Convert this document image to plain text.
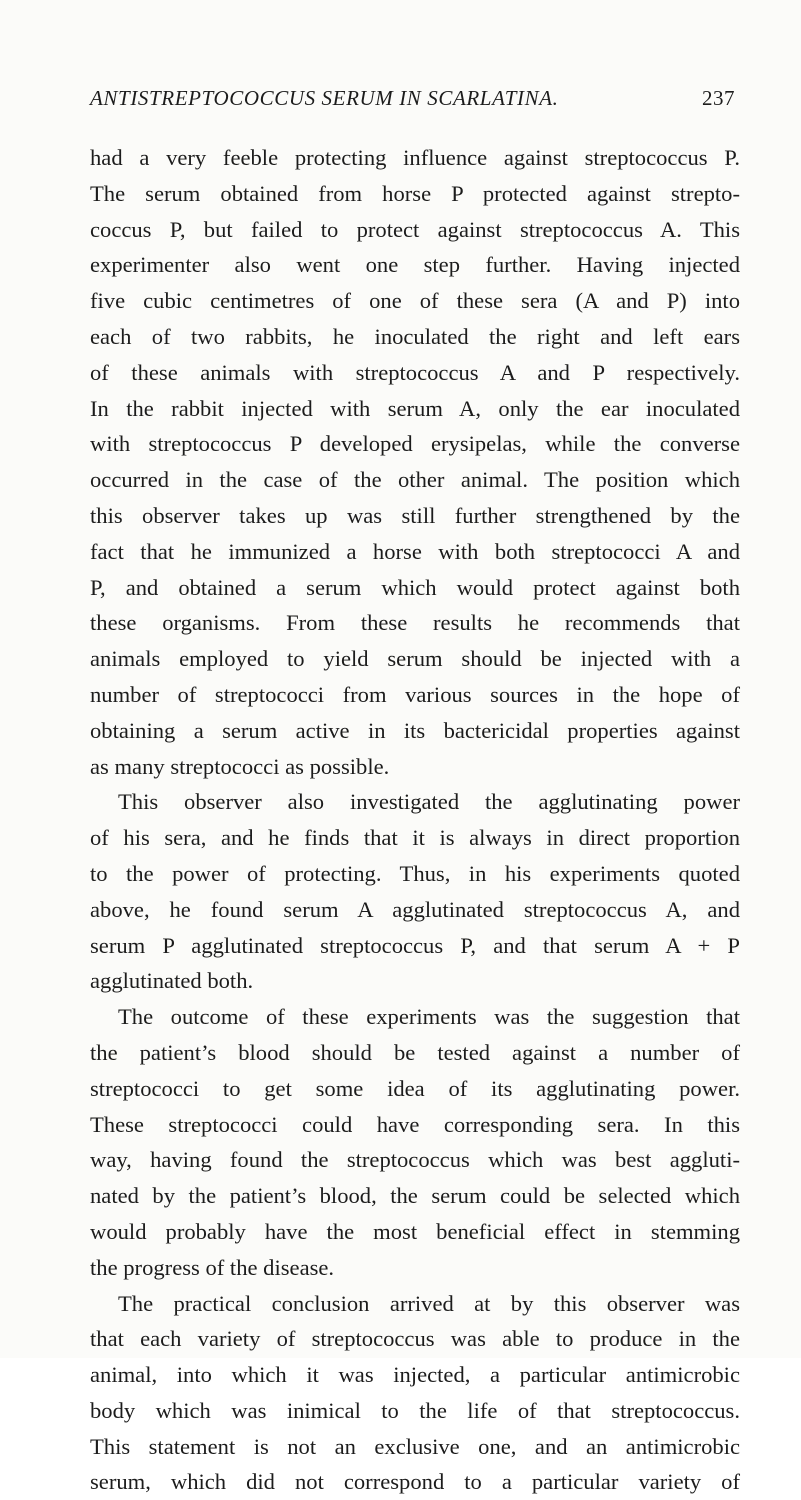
ANTISTREPTOCOCCUS SERUM IN SCARLATINA.	237
had a very feeble protecting influence against streptococcus P.
The serum obtained from horse P protected against strepto-
coccus P, but failed to protect against streptococcus A. This
experimenter also went one step further. Having injected
five cubic centimetres of one of these sera (A and P) into
each of two rabbits, he inoculated the right and left ears
of these animals with streptococcus A and P respectively.
In the rabbit injected with serum A, only the ear inoculated
with streptococcus P developed erysipelas, while the converse
occurred in the case of the other animal. The position which
this observer takes up was still further strengthened by the
fact that he immunized a horse with both streptococci A and
P, and obtained a serum which would protect against both
these organisms. From these results he recommends that
animals employed to yield serum should be injected with a
number of streptococci from various sources in the hope of
obtaining a serum active in its bactericidal properties against
as many streptococci as possible.
This observer also investigated the agglutinating power
of his sera, and he finds that it is always in direct proportion
to the power of protecting. Thus, in his experiments quoted
above, he found serum A agglutinated streptococcus A, and
serum P agglutinated streptococcus P, and that serum A + P
agglutinated both.
The outcome of these experiments was the suggestion that
the patient’s blood should be tested against a number of
streptococci to get some idea of its agglutinating power.
These streptococci could have corresponding sera. In this
way, having found the streptococcus which was best aggluti-
nated by the patient’s blood, the serum could be selected which
would probably have the most beneficial effect in stemming
the progress of the disease.
The practical conclusion arrived at by this observer was
that each variety of streptococcus was able to produce in the
animal, into which it was injected, a particular antimicrobic
body which was inimical to the life of that streptococcus.
This statement is not an exclusive one, and an antimicrobic
serum, which did not correspond to a particular variety of
